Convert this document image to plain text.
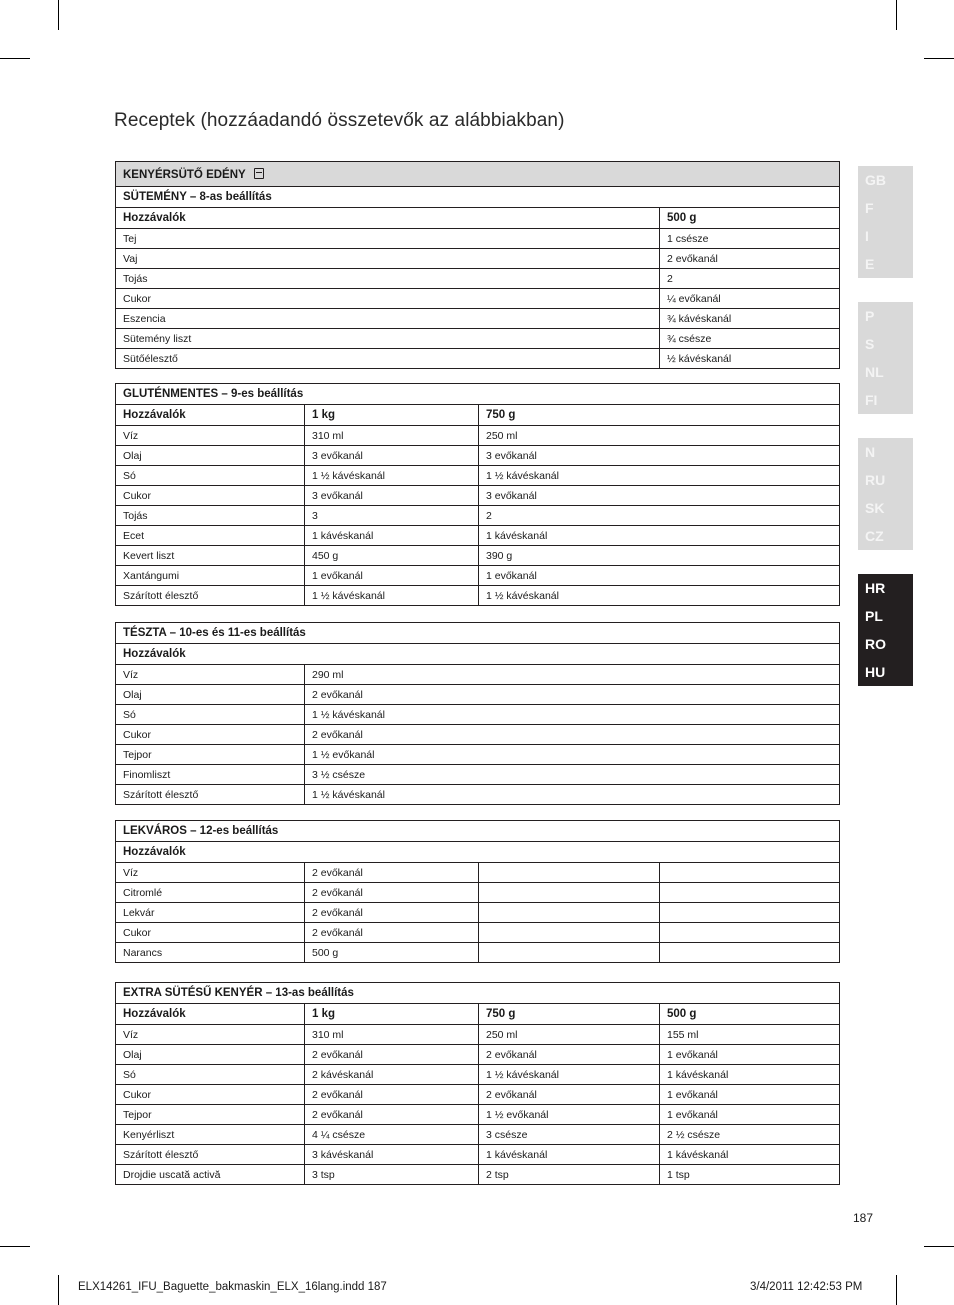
Receptek (hozzáadandó összetevők az alábbiakban)
GB
F
I
E
P
S
NL
FI
N
RU
SK
CZ
HR
PL
RO
HU
KENYÉRSÜTŐ EDÉNY	
SÜTEMÉNY – 8-as beállítás	
Hozzávalók	500 g
Tej	1 csésze
Vaj	2 evőkanál
Tojás	2
Cukor	¼ evőkanál
Eszencia	¾ kávéskanál
Sütemény liszt	¾ csésze
Sütőélesztő	½ kávéskanál
GLUTÉNMENTES – 9-es beállítás		
Hozzávalók	1 kg	750 g
Víz	310 ml	250 ml
Olaj	3 evőkanál	3 evőkanál
Só	1 ½ kávéskanál	1 ½ kávéskanál
Cukor	3 evőkanál	3 evőkanál
Tojás	3	2
Ecet	1 kávéskanál	1 kávéskanál
Kevert liszt	450 g	390 g
Xantángumi	1 evőkanál	1 evőkanál
Szárított élesztő	1 ½ kávéskanál	1 ½ kávéskanál
TÉSZTA – 10-es és 11-es beállítás	
Hozzávalók	
Víz	290 ml
Olaj	2 evőkanál
Só	1 ½ kávéskanál
Cukor	2 evőkanál
Tejpor	1 ½ evőkanál
Finomliszt	3 ½ csésze
Szárított élesztő	1 ½ kávéskanál
LEKVÁROS – 12-es beállítás			
Hozzávalók			
Víz	2 evőkanál		
Citromlé	2 evőkanál		
Lekvár	2 evőkanál		
Cukor	2 evőkanál		
Narancs	500 g		
EXTRA SÜTÉSŰ KENYÉR – 13-as beállítás			
Hozzávalók	1 kg	750 g	500 g
Víz	310 ml	250 ml	155 ml
Olaj	2 evőkanál	2 evőkanál	1 evőkanál
Só	2 kávéskanál	1 ½ kávéskanál	1 kávéskanál
Cukor	2 evőkanál	2 evőkanál	1 evőkanál
Tejpor	2 evőkanál	1 ½ evőkanál	1 evőkanál
Kenyérliszt	4 ¼ csésze	3 csésze	2 ½ csésze
Szárított élesztő	3 kávéskanál	1 kávéskanál	1 kávéskanál
Drojdie uscată activă	3 tsp	2 tsp	1 tsp
187
ELX14261_IFU_Baguette_bakmaskin_ELX_16lang.indd 187	3/4/2011 12:42:53 PM
